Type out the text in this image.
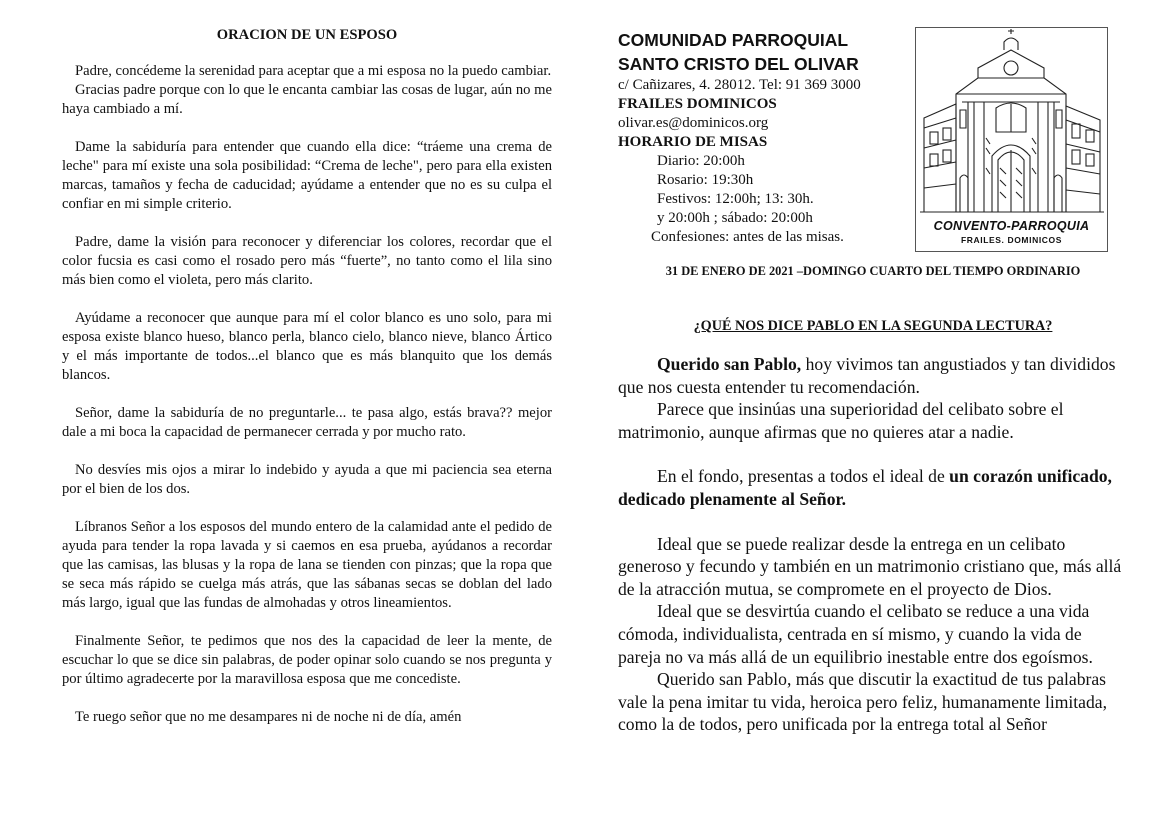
ORACION DE UN ESPOSO

Padre, concédeme la serenidad para aceptar que a mi esposa no la puedo cambiar.

Gracias padre porque con lo que le encanta cambiar las cosas de lugar, aún no me haya cambiado a mí.

Dame la sabiduría para entender que cuando ella dice: “tráeme una crema de leche" para mí existe una sola posibilidad: “Crema de leche", pero para ella existen marcas, tamaños y fecha de caducidad; ayúdame a entender que no es su culpa el confiar en mi simple criterio.

Padre, dame la visión para reconocer y diferenciar los colores, recordar que el color fucsia es casi como el rosado pero más “fuerte”, no tanto como el lila sino más bien como el violeta, pero más clarito.

Ayúdame a reconocer que aunque para mí el color blanco es uno solo, para mi esposa existe blanco hueso, blanco perla, blanco cielo, blanco nieve, blanco Ártico y el más importante de todos...el blanco que es más blanquito que los demás blancos.

Señor, dame la sabiduría de no preguntarle... te pasa algo, estás brava?? mejor dale a mi boca la capacidad de permanecer cerrada y por mucho rato.

No desvíes mis ojos a mirar lo indebido y ayuda a que mi paciencia sea eterna por el bien de los dos.

Líbranos Señor a los esposos del mundo entero de la calamidad ante el pedido de ayuda para tender la ropa lavada y si caemos en esa prueba, ayúdanos a recordar que las camisas, las blusas y la ropa de lana se tienden con pinzas; que la ropa que se seca más rápido se cuelga más atrás, que las sábanas secas se doblan del lado más largo, igual que las fundas de almohadas y otros lineamientos.

Finalmente Señor, te pedimos que nos des la capacidad de leer la mente, de escuchar lo que se dice sin palabras, de poder opinar solo cuando se nos pregunta y por último agradecerte por la maravillosa esposa que me concediste.

Te ruego señor que no me desampares ni de noche ni de día, amén

COMUNIDAD PARROQUIAL

SANTO CRISTO DEL OLIVAR

c/ Cañizares, 4. 28012. Tel: 91 369 3000

FRAILES DOMINICOS

olivar.es@dominicos.org

HORARIO DE MISAS

Diario: 20:00h

Rosario: 19:30h

Festivos: 12:00h; 13: 30h.

y 20:00h ; sábado: 20:00h

Confesiones: antes de las misas.

CONVENTO-PARROQUIA
FRAILES. DOMINICOS
31 DE ENERO DE 2021 –DOMINGO CUARTO DEL TIEMPO ORDINARIO
¿QUÉ NOS DICE PABLO EN LA SEGUNDA LECTURA?

Querido san Pablo, hoy vivimos tan angustiados y tan divididos que nos cuesta entender tu recomendación.

Parece que insinúas una superioridad del celibato sobre el matrimonio, aunque afirmas que no quieres atar a nadie.

En el fondo, presentas a todos el ideal de un corazón unificado, dedicado plenamente al Señor.

Ideal que se puede realizar desde la entrega en un celibato generoso y fecundo y también en un matrimonio cristiano que, más allá de la atracción mutua, se compromete en el proyecto de Dios.

Ideal que se desvirtúa cuando el celibato se reduce a una vida cómoda, individualista, centrada en sí mismo, y cuando la vida de pareja no va más allá de un equilibrio inestable entre dos egoísmos.

Querido san Pablo, más que discutir la exactitud de tus palabras vale la pena imitar tu vida, heroica pero feliz, humanamente limitada, como la de todos, pero unificada por la entrega total al Señor
